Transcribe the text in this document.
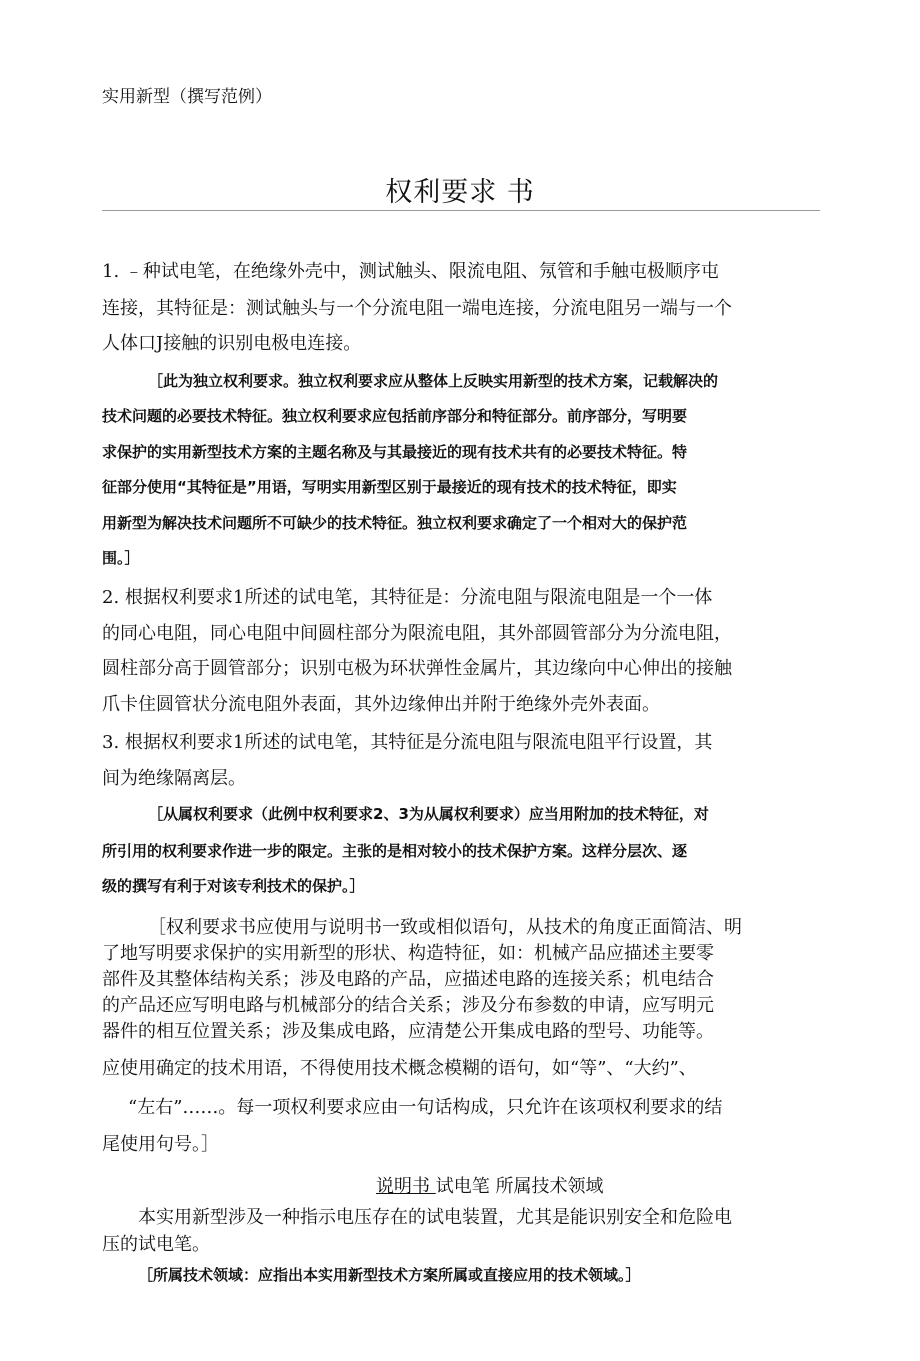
实用新型（撰写范例）
权利要求 书
1. ﹣种试电笔，在绝缘外壳中，测试触头、限流电阻、氖管和手触屯极顺序屯
连接，其特征是：测试触头与一个分流电阻一端电连接，分流电阻另一端与一个
人体口J接触的识别电极电连接。
［此为独立权利要求。独立权利要求应从整体上反映实用新型的技术方案，记载解决的
技术问题的必要技术特征。独立权利要求应包括前序部分和特征部分。前序部分，写明要
求保护的实用新型技术方案的主题名称及与其最接近的现有技术共有的必要技术特征。特
征部分使用“其特征是”用语，写明实用新型区别于最接近的现有技术的技术特征，即实
用新型为解决技术问题所不可缺少的技术特征。独立权利要求确定了一个相对大的保护范
围。］
2. 根据权利要求1所述的试电笔，其特征是：分流电阻与限流电阻是一个一体
的同心电阻，同心电阻中间圆柱部分为限流电阻，其外部圆管部分为分流电阻，
圆柱部分高于圆管部分；识别屯极为环状弹性金属片，其边缘向中心伸出的接触
爪卡住圆管状分流电阻外表面，其外边缘伸出并附于绝缘外壳外表面。
3. 根据权利要求1所述的试电笔，其特征是分流电阻与限流电阻平行设置，其
间为绝缘隔离层。
［从属权利要求（此例中权利要求2、3为从属权利要求）应当用附加的技术特征，对
所引用的权利要求作进一步的限定。主张的是相对较小的技术保护方案。这样分层次、逐
级的撰写有利于对该专利技术的保护。］
［权利要求书应使用与说明书一致或相似语句，从技术的角度正面简洁、明
了地写明要求保护的实用新型的形状、构造特征，如：机械产品应描述主要零
部件及其整体结构关系；涉及电路的产品，应描述电路的连接关系；机电结合
的产品还应写明电路与机械部分的结合关系；涉及分布参数的申请，应写明元
器件的相互位置关系；涉及集成电路，应清楚公开集成电路的型号、功能等。
应使用确定的技术用语，不得使用技术概念模糊的语句，如“等”、“大约”、
“左右”……。每一项权利要求应由一句话构成，只允许在该项权利要求的结
尾使用句号。］
说明书 试电笔 所属技术领域
本实用新型涉及一种指示电压存在的试电装置，尤其是能识别安全和危险电
压的试电笔。
［所属技术领域：应指出本实用新型技术方案所属或直接应用的技术领域。］
